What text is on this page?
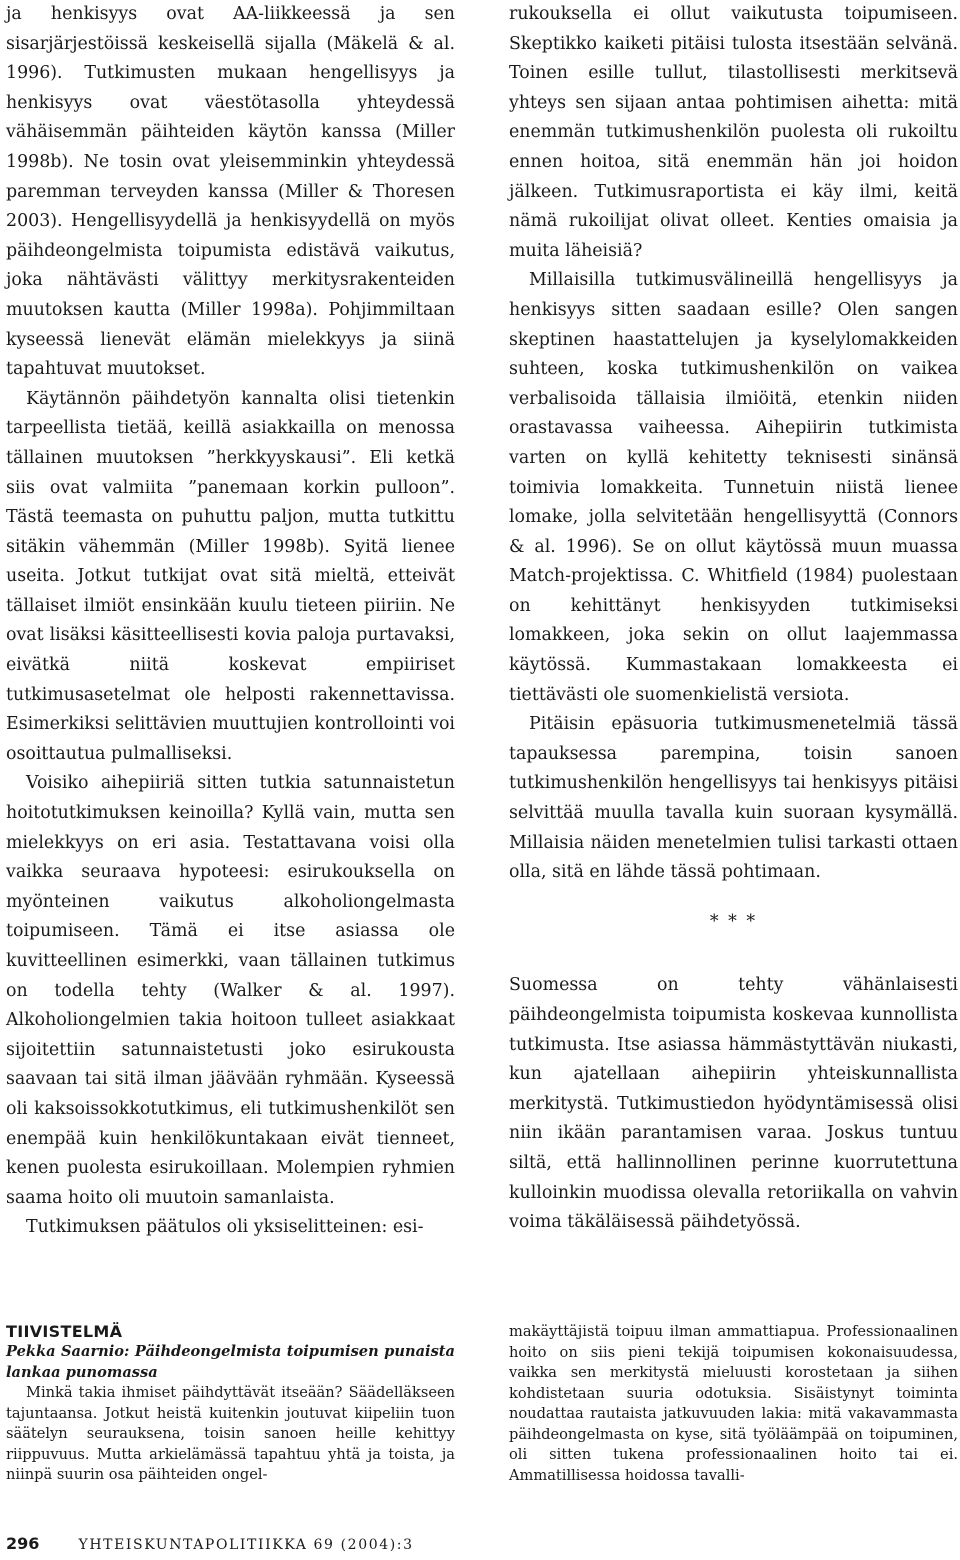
ja henkisyys ovat AA-liikkeessä ja sen sisarjärjestöissä keskeisellä sijalla (Mäkelä & al. 1996). Tutkimusten mukaan hengellisyys ja henkisyys ovat väestötasolla yhteydessä vähäisemmän päihteiden käytön kanssa (Miller 1998b). Ne tosin ovat yleisemminkin yhteydessä paremman terveyden kanssa (Miller & Thoresen 2003). Hengellisyydellä ja henkisyydellä on myös päihdeongelmista toipumista edistävä vaikutus, joka nähtävästi välittyy merkitysrakenteiden muutoksen kautta (Miller 1998a). Pohjimmiltaan kyseessä lienevät elämän mielekkyys ja siinä tapahtuvat muutokset.

Käytännön päihdetyön kannalta olisi tietenkin tarpeellista tietää, keillä asiakkailla on menossa tällainen muutoksen ”herkkyyskausi”. Eli ketkä siis ovat valmiita ”panemaan korkin pulloon”. Tästä teemasta on puhuttu paljon, mutta tutkittu sitäkin vähemmän (Miller 1998b). Syitä lienee useita. Jotkut tutkijat ovat sitä mieltä, etteivät tällaiset ilmiöt ensinkään kuulu tieteen piiriin. Ne ovat lisäksi käsitteellisesti kovia paloja purtavaksi, eivätkä niitä koskevat empiiriset tutkimusasetelmat ole helposti rakennettavissa. Esimerkiksi selittävien muuttujien kontrollointi voi osoittautua pulmalliseksi.

Voisiko aihepiiriä sitten tutkia satunnaistetun hoitotutkimuksen keinoilla? Kyllä vain, mutta sen mielekkyys on eri asia. Testattavana voisi olla vaikka seuraava hypoteesi: esirukouksella on myönteinen vaikutus alkoholiongelmasta toipumiseen. Tämä ei itse asiassa ole kuvitteellinen esimerkki, vaan tällainen tutkimus on todella tehty (Walker & al. 1997). Alkoholiongelmien takia hoitoon tulleet asiakkaat sijoitettiin satunnaistetusti joko esirukousta saavaan tai sitä ilman jäävään ryhmään. Kyseessä oli kaksoissokkotutkimus, eli tutkimushenkilöt sen enempää kuin henkilökuntakaan eivät tienneet, kenen puolesta esirukoillaan. Molempien ryhmien saama hoito oli muutoin samanlaista.

Tutkimuksen päätulos oli yksiselitteinen: esi-

rukouksella ei ollut vaikutusta toipumiseen. Skeptikko kaiketi pitäisi tulosta itsestään selvänä. Toinen esille tullut, tilastollisesti merkitsevä yhteys sen sijaan antaa pohtimisen aihetta: mitä enemmän tutkimushenkilön puolesta oli rukoiltu ennen hoitoa, sitä enemmän hän joi hoidon jälkeen. Tutkimusraportista ei käy ilmi, keitä nämä rukoilijat olivat olleet. Kenties omaisia ja muita läheisiä?

Millaisilla tutkimusvälineillä hengellisyys ja henkisyys sitten saadaan esille? Olen sangen skeptinen haastattelujen ja kyselylomakkeiden suhteen, koska tutkimushenkilön on vaikea verbalisoida tällaisia ilmiöitä, etenkin niiden orastavassa vaiheessa. Aihepiirin tutkimista varten on kyllä kehitetty teknisesti sinänsä toimivia lomakkeita. Tunnetuin niistä lienee lomake, jolla selvitetään hengellisyyttä (Connors & al. 1996). Se on ollut käytössä muun muassa Match-projektissa. C. Whitfield (1984) puolestaan on kehittänyt henkisyyden tutkimiseksi lomakkeen, joka sekin on ollut laajemmassa käytössä. Kummastakaan lomakkeesta ei tiettävästi ole suomenkielistä versiota.

Pitäisin epäsuoria tutkimusmenetelmiä tässä tapauksessa parempina, toisin sanoen tutkimushenkilön hengellisyys tai henkisyys pitäisi selvittää muulla tavalla kuin suoraan kysymällä. Millaisia näiden menetelmien tulisi tarkasti ottaen olla, sitä en lähde tässä pohtimaan.

* * *

Suomessa on tehty vähänlaisesti päihdeongelmista toipumista koskevaa kunnollista tutkimusta. Itse asiassa hämmästyttävän niukasti, kun ajatellaan aihepiirin yhteiskunnallista merkitystä. Tutkimustiedon hyödyntämisessä olisi niin ikään parantamisen varaa. Joskus tuntuu siltä, että hallinnollinen perinne kuorrutettuna kulloinkin muodissa olevalla retoriikalla on vahvin voima täkäläisessä päihdetyössä.

TIIVISTELMÄ

Pekka Saarnio: Päihdeongelmista toipumisen punaista lankaa punomassa

Minkä takia ihmiset päihdyttävät itseään? Säädelläkseen tajuntaansa. Jotkut heistä kuitenkin joutuvat kiipeliin tuon säätelyn seurauksena, toisin sanoen heille kehittyy riippuvuus. Mutta arkielämässä tapahtuu yhtä ja toista, ja niinpä suurin osa päihteiden ongel-

makäyttäjistä toipuu ilman ammattiapua. Professionaalinen hoito on siis pieni tekijä toipumisen kokonaisuudessa, vaikka sen merkitystä mieluusti korostetaan ja siihen kohdistetaan suuria odotuksia. Sisäistynyt toiminta noudattaa rautaista jatkuvuuden lakia: mitä vakavammasta päihdeongelmasta on kyse, sitä työläämpää on toipuminen, oli sitten tukena professionaalinen hoito tai ei. Ammatillisessa hoidossa tavalli-

296	YHTEISKUNTAPOLITIIKKA 69 (2004):3
